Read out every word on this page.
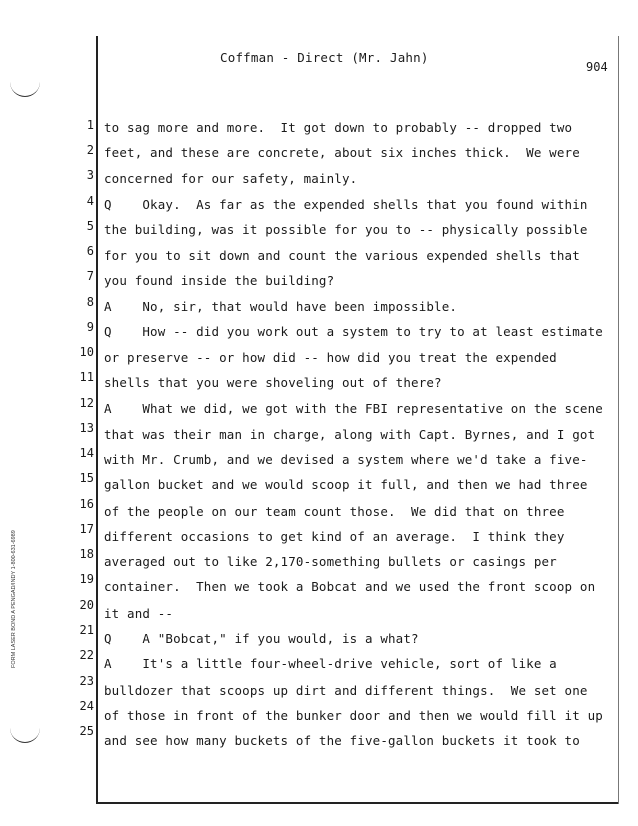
Coffman - Direct (Mr. Jahn)
904
FORM LASER BOND A PENGAD/INDY 1-800-631-6989
1 to sag more and more.  It got down to probably -- dropped two
2 feet, and these are concrete, about six inches thick.  We were
3 concerned for our safety, mainly.
4 Q    Okay.  As far as the expended shells that you found within
5 the building, was it possible for you to -- physically possible
6 for you to sit down and count the various expended shells that
7 you found inside the building?
8 A    No, sir, that would have been impossible.
9 Q    How -- did you work out a system to try to at least estimate
10 or preserve -- or how did -- how did you treat the expended
11 shells that you were shoveling out of there?
12 A    What we did, we got with the FBI representative on the scene
13 that was their man in charge, along with Capt. Byrnes, and I got
14 with Mr. Crumb, and we devised a system where we'd take a five-
15 gallon bucket and we would scoop it full, and then we had three
16 of the people on our team count those.  We did that on three
17 different occasions to get kind of an average.  I think they
18 averaged out to like 2,170-something bullets or casings per
19 container.  Then we took a Bobcat and we used the front scoop on
20
it and --
21
Q    A "Bobcat," if you would, is a what?
22
A    It's a little four-wheel-drive vehicle, sort of like a
23
bulldozer that scoops up dirt and different things.  We set one
24
of those in front of the bunker door and then we would fill it up
25
and see how many buckets of the five-gallon buckets it took to
